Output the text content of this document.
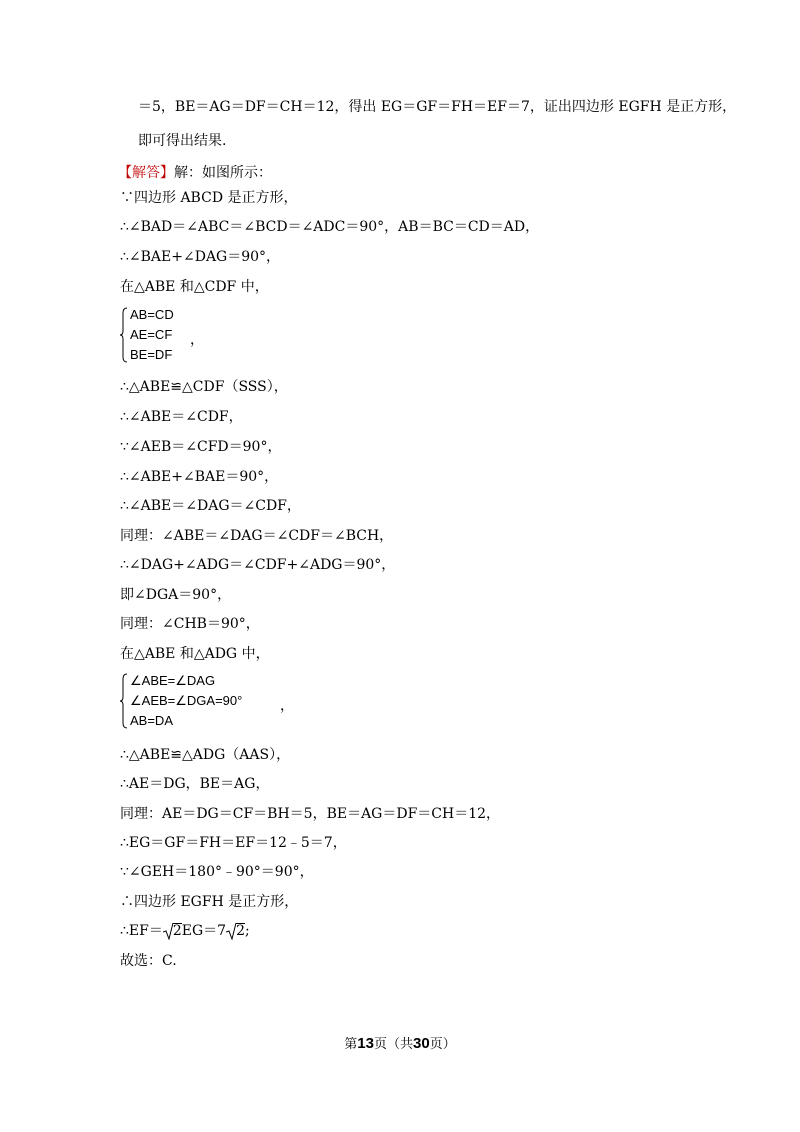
＝5，BE＝AG＝DF＝CH＝12，得出 EG＝GF＝FH＝EF＝7，证出四边形 EGFH 是正方形，
即可得出结果.
【解答】解：如图所示：
∵四边形 ABCD 是正方形，
∴∠BAD＝∠ABC＝∠BCD＝∠ADC＝90°，AB＝BC＝CD＝AD，
∴∠BAE+∠DAG＝90°，
在△ABE 和△CDF 中，
AB=CD
AE=CF
BE=DF
，
∴△ABE≌△CDF（SSS），
∴∠ABE＝∠CDF，
∵∠AEB＝∠CFD＝90°，
∴∠ABE+∠BAE＝90°，
∴∠ABE＝∠DAG＝∠CDF，
同理：∠ABE＝∠DAG＝∠CDF＝∠BCH，
∴∠DAG+∠ADG＝∠CDF+∠ADG＝90°，
即∠DGA＝90°，
同理：∠CHB＝90°，
在△ABE 和△ADG 中，
∠ABE=∠DAG
∠AEB=∠DGA=90°
AB=DA
，
∴△ABE≌△ADG（AAS），
∴AE＝DG，BE＝AG，
同理：AE＝DG＝CF＝BH＝5，BE＝AG＝DF＝CH＝12，
∴EG＝GF＝FH＝EF＝12﹣5＝7，
∵∠GEH＝180°﹣90°＝90°，
∴四边形 EGFH 是正方形，
∴EF＝ 2EG＝7 2;
故选：C.
第13页（共30页）
